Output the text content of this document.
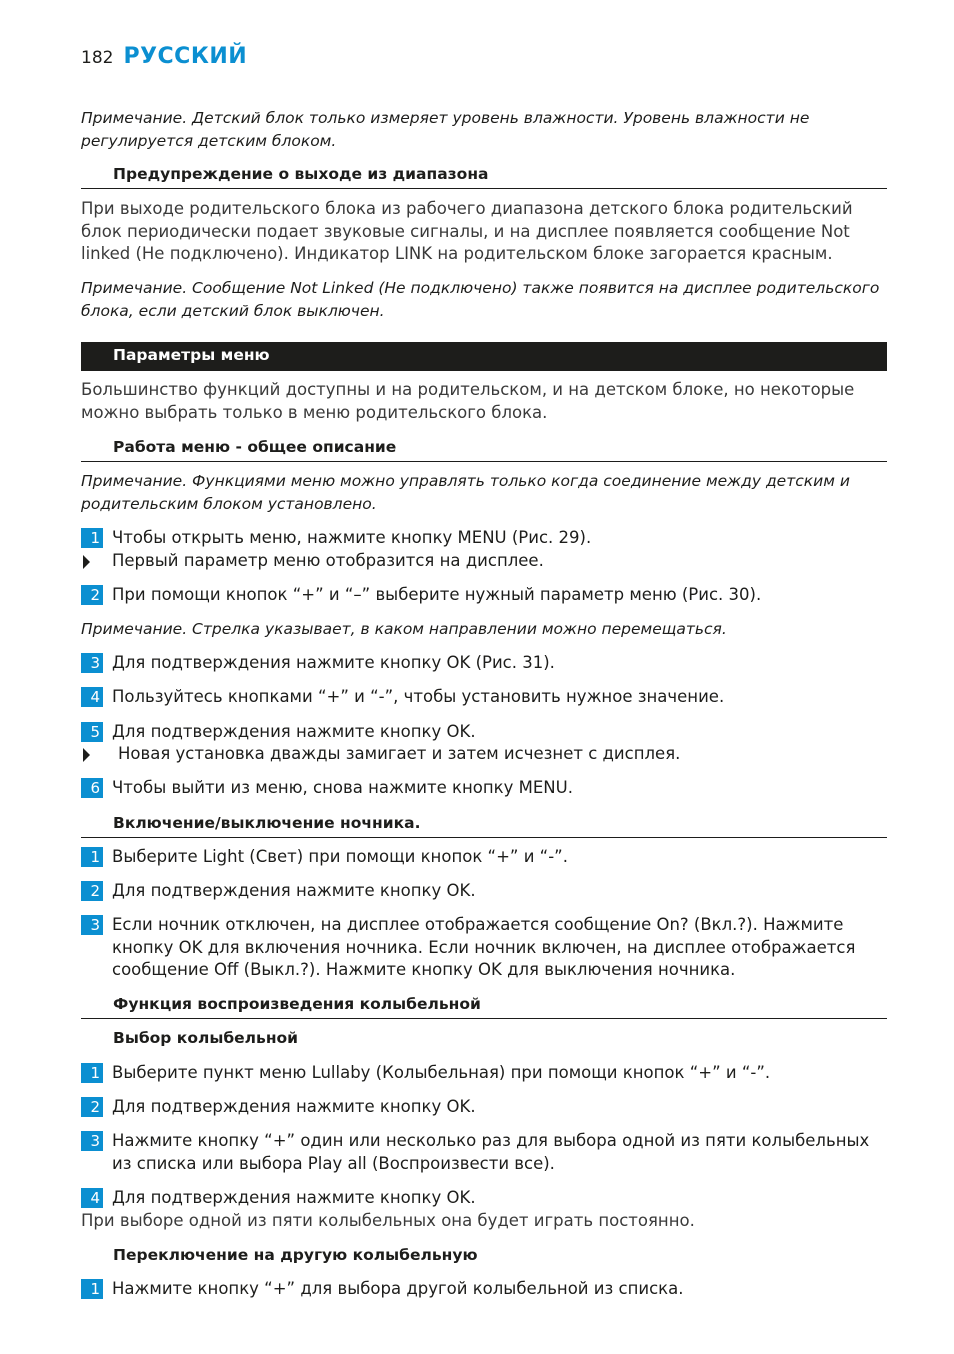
182 РУССКИЙ
Примечание. Детский блок только измеряет уровень влажности. Уровень влажности не регулируется детским блоком.
Предупреждение о выходе из диапазона
При выходе родительского блока из рабочего диапазона детского блока родительский блок периодически подает звуковые сигналы, и на дисплее появляется сообщение Not linked (Не подключено). Индикатор LINK на родительском блоке загорается красным.
Примечание. Сообщение Not Linked (Не подключено) также появится на дисплее родительского блока, если детский блок выключен.
Параметры меню
Большинство функций доступны и на родительском, и на детском блоке, но некоторые можно выбрать только в меню родительского блока.
Работа меню - общее описание
Примечание. Функциями меню можно управлять только когда соединение между детским и родительским блоком установлено.
1 Чтобы открыть меню, нажмите кнопку MENU (Рис. 29).
Первый параметр меню отобразится на дисплее.
2 При помощи кнопок “+” и “–” выберите нужный параметр меню (Рис. 30).
Примечание. Стрелка указывает, в каком направлении можно перемещаться.
3 Для подтверждения нажмите кнопку OK (Рис. 31).
4 Пользуйтесь кнопками “+” и “-”, чтобы установить нужное значение.
5 Для подтверждения нажмите кнопку OK.
Новая установка дважды замигает и затем исчезнет с дисплея.
6 Чтобы выйти из меню, снова нажмите кнопку MENU.
Включение/выключение ночника.
1 Выберите Light (Свет) при помощи кнопок “+” и “-”.
2 Для подтверждения нажмите кнопку OK.
3 Если ночник отключен, на дисплее отображается сообщение On? (Вкл.?). Нажмите кнопку OK для включения ночника. Если ночник включен, на дисплее отображается сообщение Off (Выкл.?). Нажмите кнопку OK для выключения ночника.
Функция воспроизведения колыбельной
Выбор колыбельной
1 Выберите пункт меню Lullaby (Колыбельная) при помощи кнопок “+” и “-”.
2 Для подтверждения нажмите кнопку OK.
3 Нажмите кнопку “+” один или несколько раз для выбора одной из пяти колыбельных из списка или выбора Play all (Воспроизвести все).
4 Для подтверждения нажмите кнопку OK.
При выборе одной из пяти колыбельных она будет играть постоянно.
Переключение на другую колыбельную
1 Нажмите кнопку “+” для выбора другой колыбельной из списка.
